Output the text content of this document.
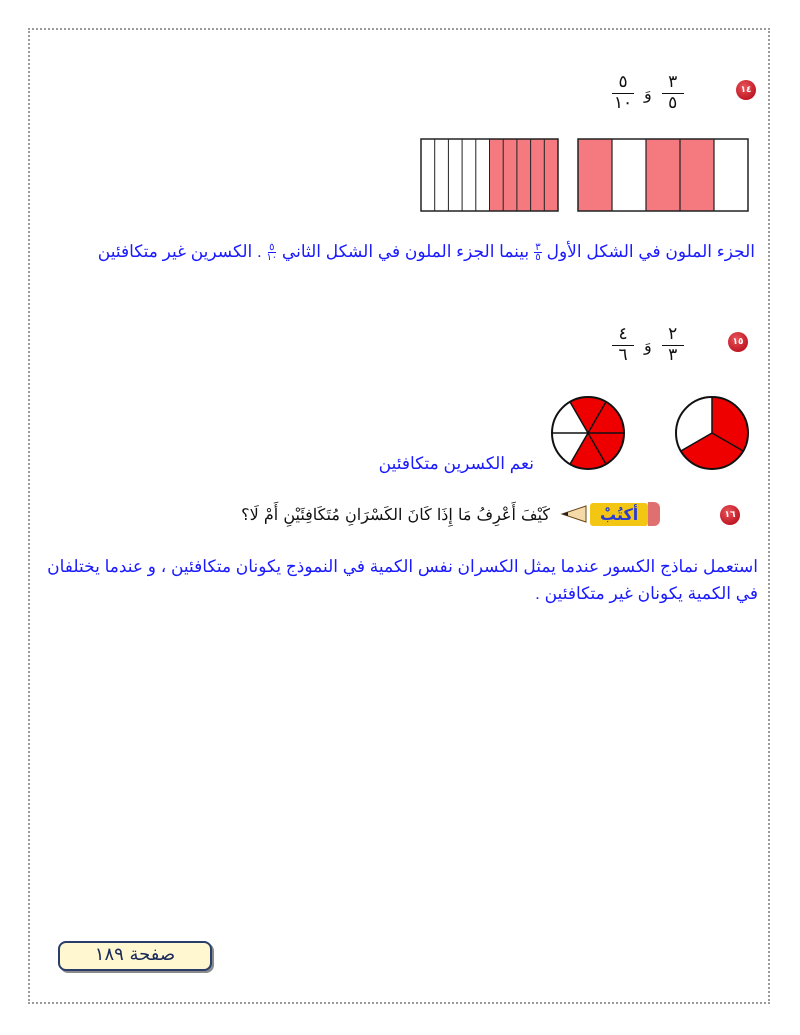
١٤
$\frac{٣}{٥}$
وَ
$\frac{٥}{١٠}$
الجزء الملون في الشكل الأول
$\frac{٣}{٥}$
بينما الجزء الملون في الشكل الثاني
$\frac{٥}{١٠}$
. الكسرين غير متكافئين
١٥
$\frac{٢}{٣}$
وَ
$\frac{٤}{٦}$
نعم الكسرين متكافئين
١٦
أكتُبْ
كَيْفَ أَعْرِفُ مَا إِذَا كَانَ الكَسْرَانِ مُتَكَافِئَيْنِ أَمْ لَا؟
استعمل نماذج الكسور عندما يمثل الكسران نفس الكمية في النموذج يكونان متكافئين ، و عندما يختلفان في الكمية يكونان غير متكافئين .
صفحة ١٨٩
